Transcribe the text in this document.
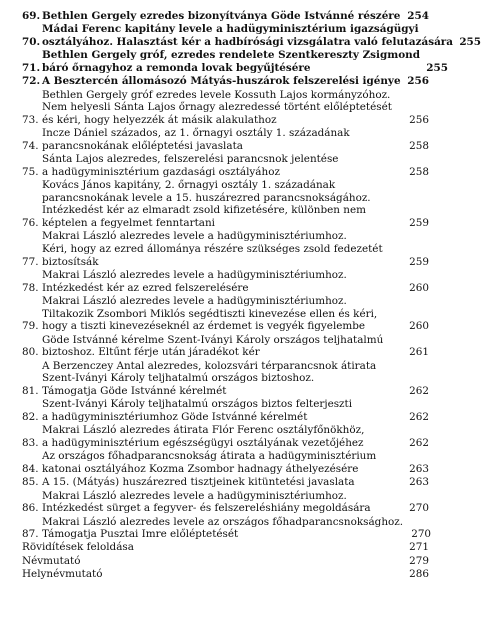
69. Bethlen Gergely ezredes bizonyítványa Göde Istvánné részére 254
70.
Mádai Ferenc kapitány levele a hadügyminisztérium igazságügyi
osztályához. Halasztást kér a hadbírósági vizsgálatra való felutazására 255
71.
Bethlen Gergely gróf, ezredes rendelete Szentkereszty Zsigmond
báró őrnagyhoz a remonda lovak begyűjtésére	255
72. A Besztercén állomásozó Mátyás-huszárok felszerelési igénye 256
73.
Bethlen Gergely gróf ezredes levele Kossuth Lajos kormányzóhoz.
Nem helyesli Sánta Lajos őrnagy alezredessé történt előléptetését
és kéri, hogy helyezzék át másik alakulathoz	256
74.
Incze Dániel százados, az 1. őrnagyi osztály 1. századának
parancsnokának előléptetési javaslata	258
75.
Sánta Lajos alezredes, felszerelési parancsnok jelentése
a hadügyminisztérium gazdasági osztályához	258
76.
Kovács János kapitány, 2. őrnagyi osztály 1. századának
parancsnokának levele a 15. huszárezred parancsnokságához.
Intézkedést kér az elmaradt zsold kifizetésére, különben nem
képtelen a fegyelmet fenntartani	259
77.
Makrai László alezredes levele a hadügyminisztériumhoz.
Kéri, hogy az ezred állománya részére szükséges zsold fedezetét
biztosítsák	259
78.
Makrai László alezredes levele a hadügyminisztériumhoz.
Intézkedést kér az ezred felszerelésére	260
79.
Makrai László alezredes levele a hadügyminisztériumhoz.
Tiltakozik Zsombori Miklós segédtiszti kinevezése ellen és kéri,
hogy a tiszti kinevezéseknél az érdemet is vegyék figyelembe	260
80.
Göde Istvánné kérelme Szent-Iványi Károly országos teljhatalmú
biztoshoz. Eltűnt férje után járadékot kér	261
81.
A Berzenczey Antal alezredes, kolozsvári térparancsnok átirata
Szent-Iványi Károly teljhatalmú országos biztoshoz.
Támogatja Göde Istvánné kérelmét	262
82.
Szent-Iványi Károly teljhatalmú országos biztos felterjeszti
a hadügyminisztériumhoz Göde Istvánné kérelmét	262
83.
Makrai László alezredes átirata Flór Ferenc osztályfőnökhöz,
a hadügyminisztérium egészségügyi osztályának vezetőjéhez	262
84.
Az országos főhadparancsnokság átirata a hadügyminisztérium
katonai osztályához Kozma Zsombor hadnagy áthelyezésére	263
85. A 15. (Mátyás) huszárezred tisztjeinek kitüntetési javaslata	263
86.
Makrai László alezredes levele a hadügyminisztériumhoz.
Intézkedést sürget a fegyver- és felszereléshiány megoldására	270
87.
Makrai László alezredes levele az országos főhadparancsnoksághoz.
Támogatja Pusztai Imre előléptetését	270
Rövidítések feloldása	271
Névmutató	279
Helynévmutató	286
